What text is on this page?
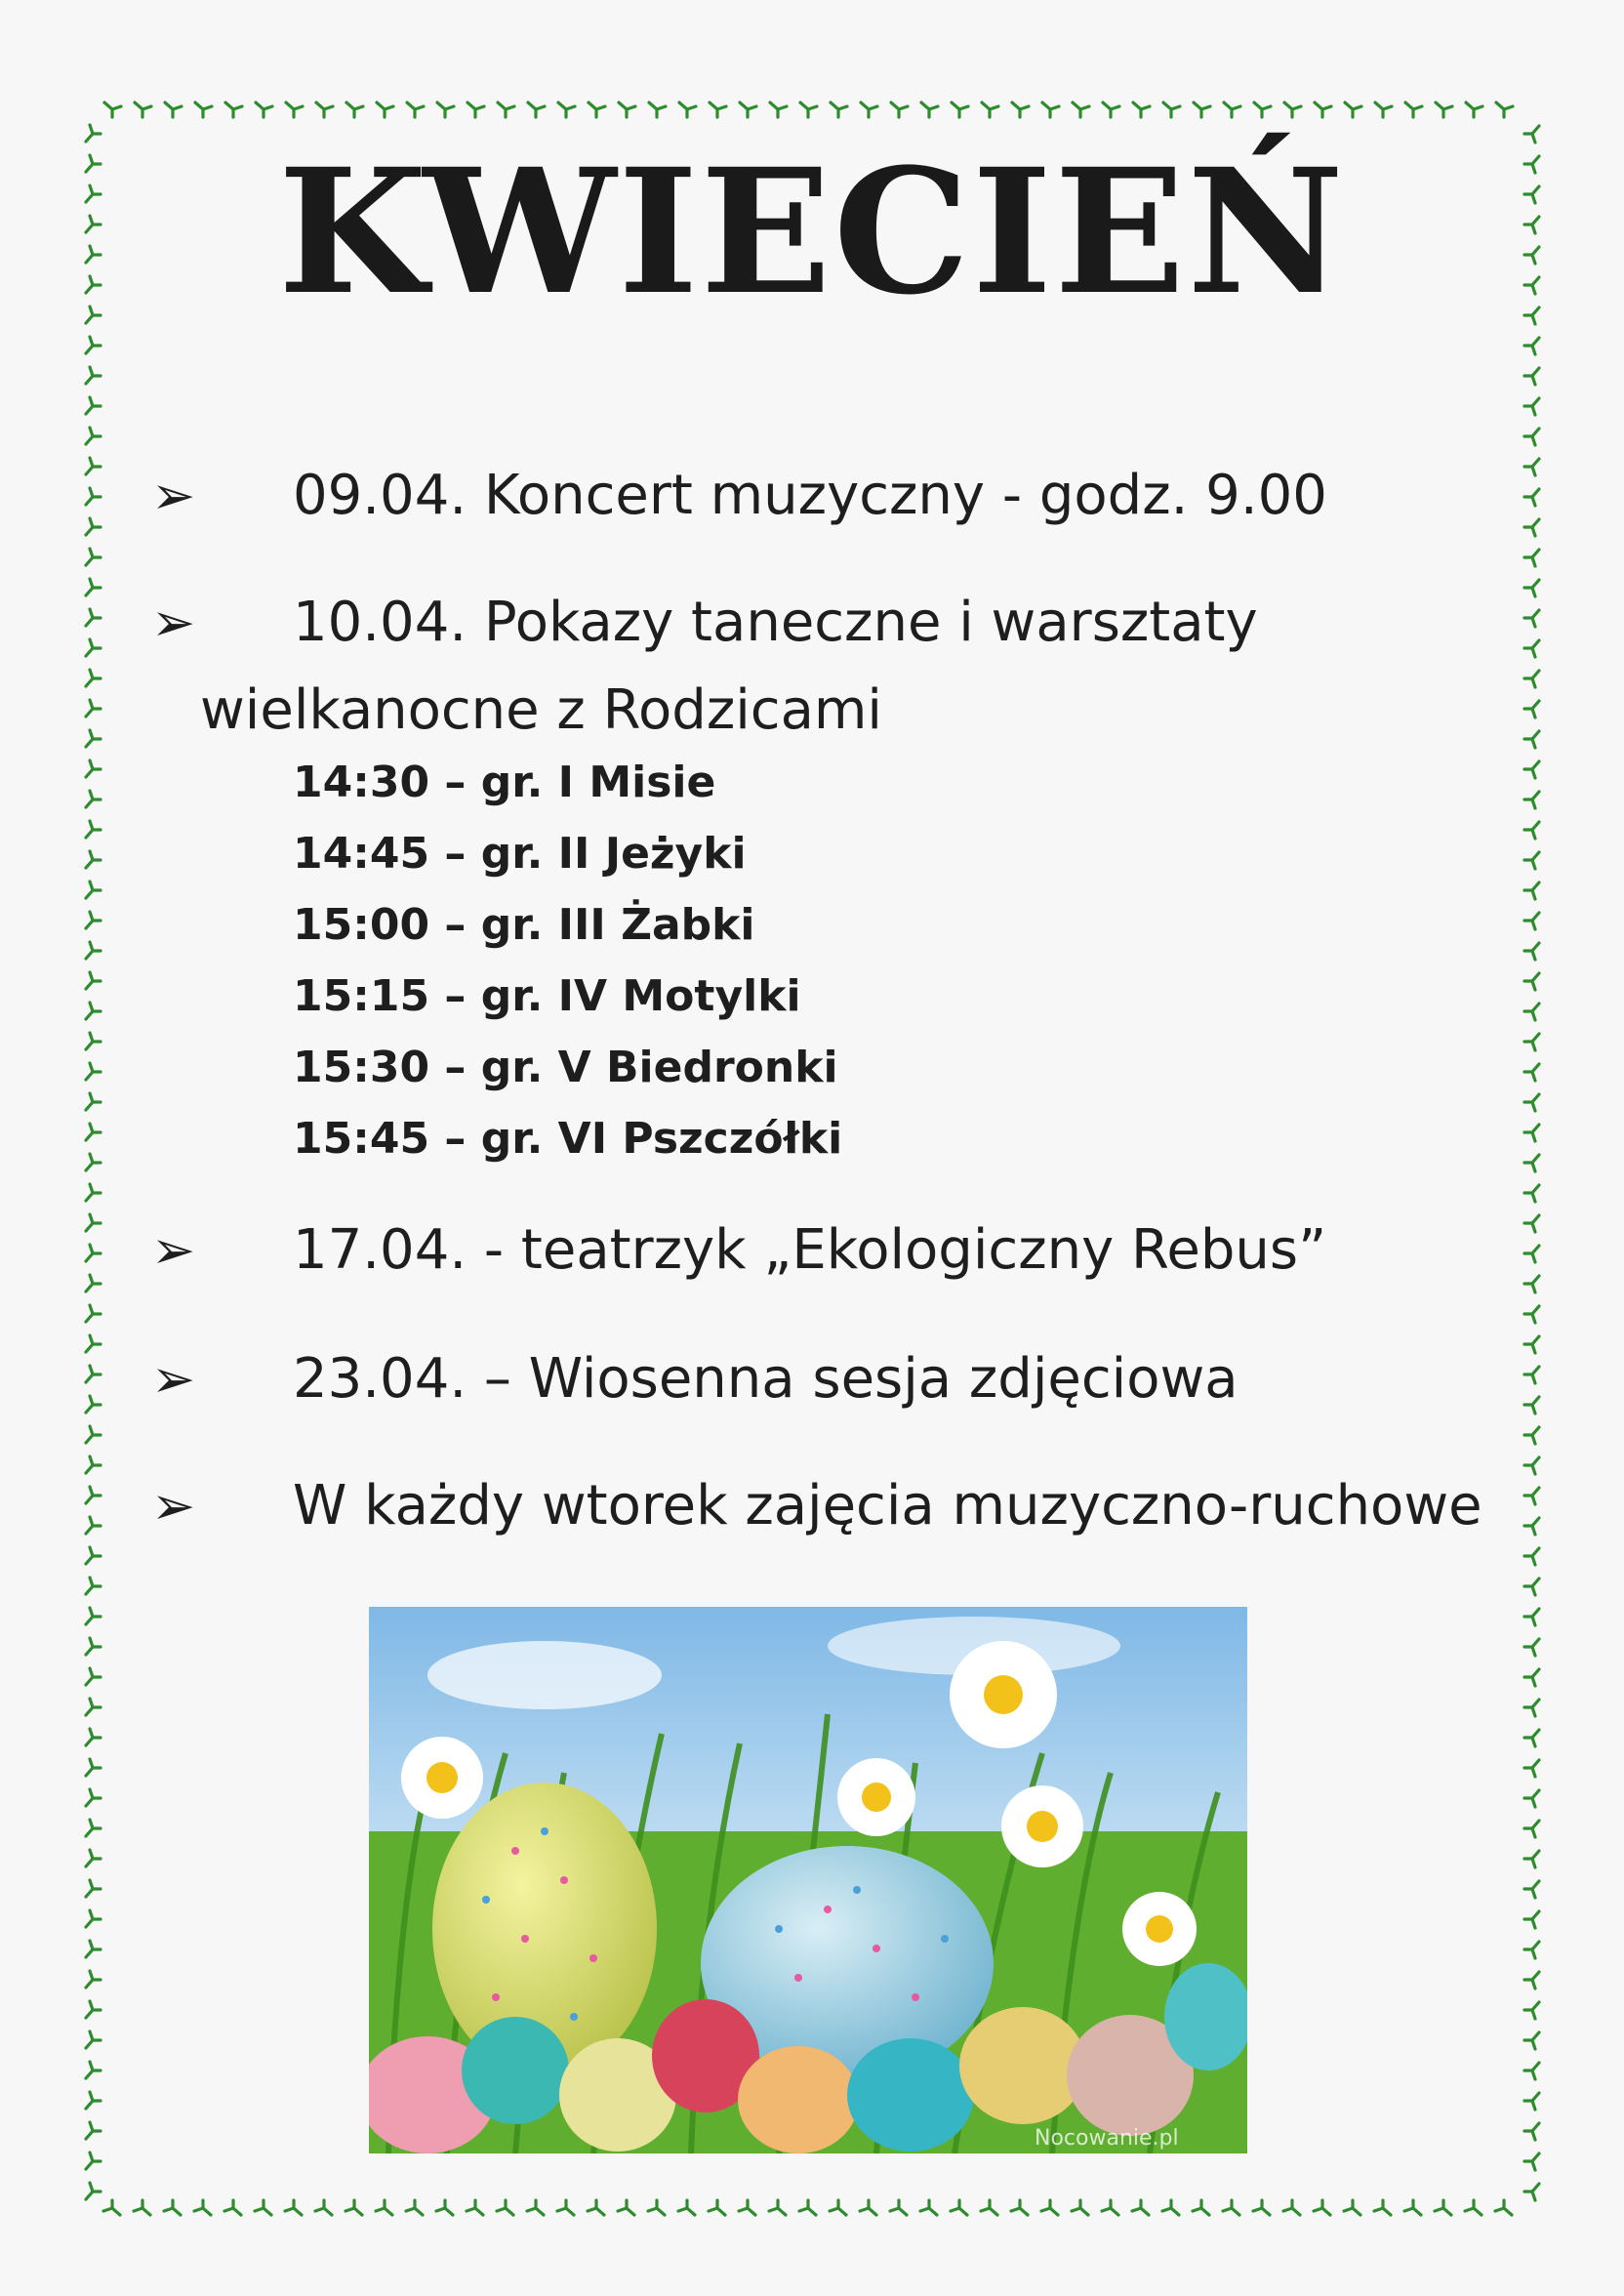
KWIECIEŃ
➢ 09.04. Koncert muzyczny - godz. 9.00
➢ 10.04. Pokazy taneczne i warsztaty
wielkanocne z Rodzicami
14:30 – gr. I Misie
14:45 – gr. II Jeżyki
15:00 – gr. III Żabki
15:15 – gr. IV Motylki
15:30 – gr. V Biedronki
15:45 – gr. VI Pszczółki
➢ 17.04. - teatrzyk „Ekologiczny Rebus”
➢ 23.04. – Wiosenna sesja zdjęciowa
➢ W każdy wtorek zajęcia muzyczno-ruchowe
Nocowanie.pl
